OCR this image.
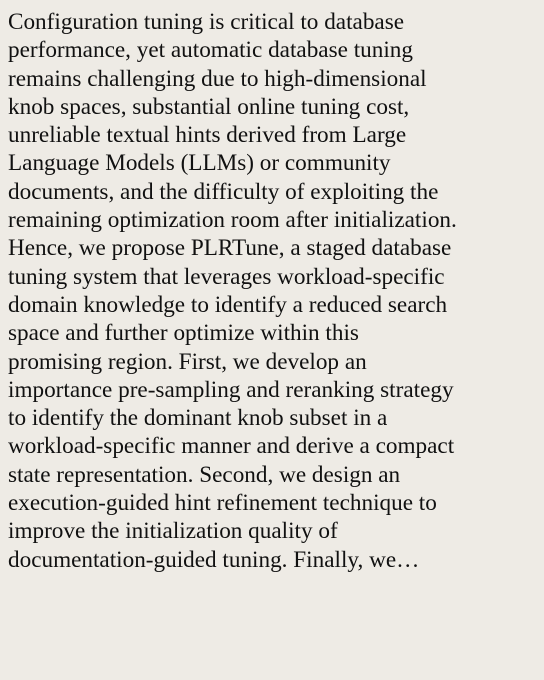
Configuration tuning is critical to database
performance, yet automatic database tuning
remains challenging due to high-dimensional
knob spaces, substantial online tuning cost,
unreliable textual hints derived from Large
Language Models (LLMs) or community
documents, and the difficulty of exploiting the
remaining optimization room after initialization.
Hence, we propose PLRTune, a staged database
tuning system that leverages workload-specific
domain knowledge to identify a reduced search
space and further optimize within this
promising region. First, we develop an
importance pre-sampling and reranking strategy
to identify the dominant knob subset in a
workload-specific manner and derive a compact
state representation. Second, we design an
execution-guided hint refinement technique to
improve the initialization quality of
documentation-guided tuning. Finally, we…
